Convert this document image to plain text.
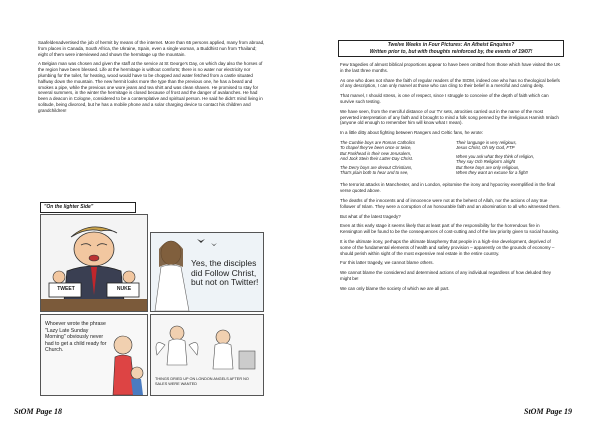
Saafeldenadvertised the job of hermit by means of the internet. More than 65 persons applied, many from abroad, from places in Canada, South Africa, the Ukraine, Spain, even a single woman, a Buddhist nun from Thailand; eight of them were interviewed and shown the hermitage up the mountain.

A Belgian man was chosen and given the staff at the service at St George's Day, on which day also the horses of the region have been blessed. Life at the hermitage is without comforts; there is no water nor electricity nor plumbing for the toilet, for heating, wood would have to be chopped and water fetched from a castle situated halfway down the mountain. The new hermit looks more the type than the previous one, he has a beard and smokes a pipe, while the previous one wore jeans and tea shirt and was clean shaven. He promised to stay for several summers, in the winter the hermitage is closed because of frost and the danger of avalanches. He had been a deacon in Cologne, considered to be a contemplative and spiritual person. He said he didn't mind living in solitude, being divorced, but he has a mobile phone and a solar charging device to contact his children and grandchildren!

"On the lighter Side"
TWEET	NUKE
Yes, the disciples did Follow Christ, but not on Twitter!
Whoever wrote the phrase "Lazy Late Sunday Morning" obviously never had to get a child ready for Church.
THINGS DRIED UP ON LONDON ANGELS AFTER NO SALES WERE WANTED
StOM Page 18
Twelve Weeks in Four Pictures: An Atheist Enquires?
Written prior to, but with thoughts reinforced by, the events of 19/07!

Few tragedies of almost biblical proportions appear to have been omitted from those which have visited the UK in the last three months.

As one who does not share the faith of regular readers of the StOM, indeed one who has no theological beliefs of any description, I can only marvel at those who can cling to their belief in a merciful and caring deity.

That marvel, I should stress, is one of respect, since I struggle to conceive of the depth of faith which can survive such testing.

We have seen, from the merciful distance of our TV sets, atrocities carried out in the name of the most perverted interpretation of any faith and it brought to mind a folk song penned by the irreligious Hamish Imlach (anyone old enough to remember him will know what I mean).

In a little ditty about fighting between Rangers and Celtic fans, he wrote:

The Cumbie boys are Roman Catholics
To chapel they've been once or twice,
But Parkhead is their new Jerusalem,
And Jock Stein their Latter-Day Christ.
The Derry boys are devout Christians,
That's plain both to hear and to see,
Their language is very religious,
Jesus Christ, Oh My God, FTP
When you ask what they think of religion,
They say Och Religion's alright
But these boys are only religious,
When they want an excuse for a fight!

The terrorist attacks in Manchester, and in London, epitomise the irony and hypocrisy exemplified in the final verse quoted above.

The deaths of the innocents and of innocence were not at the behest of Allah, nor the actions of any true follower of Islam. They were a corruption of an honourable faith and an abomination to all who witnessed them.

But what of the latest tragedy?

Even at this early stage it seems likely that at least part of the responsibility for the horrendous fire in Kensington will be found to be the consequences of cost-cutting and of the low priority given to social housing.

It is the ultimate irony, perhaps the ultimate blasphemy that people in a high-rise development, deprived of some of the fundamental elements of health and safety provision – apparently on the grounds of economy – should perish within sight of the most expensive real estate in the entire country.

For this latter tragedy, we cannot blame others.

We cannot blame the considered and determined actions of any individual regardless of how deluded they might be!

We can only blame the society of which we are all part.

StOM Page 19
